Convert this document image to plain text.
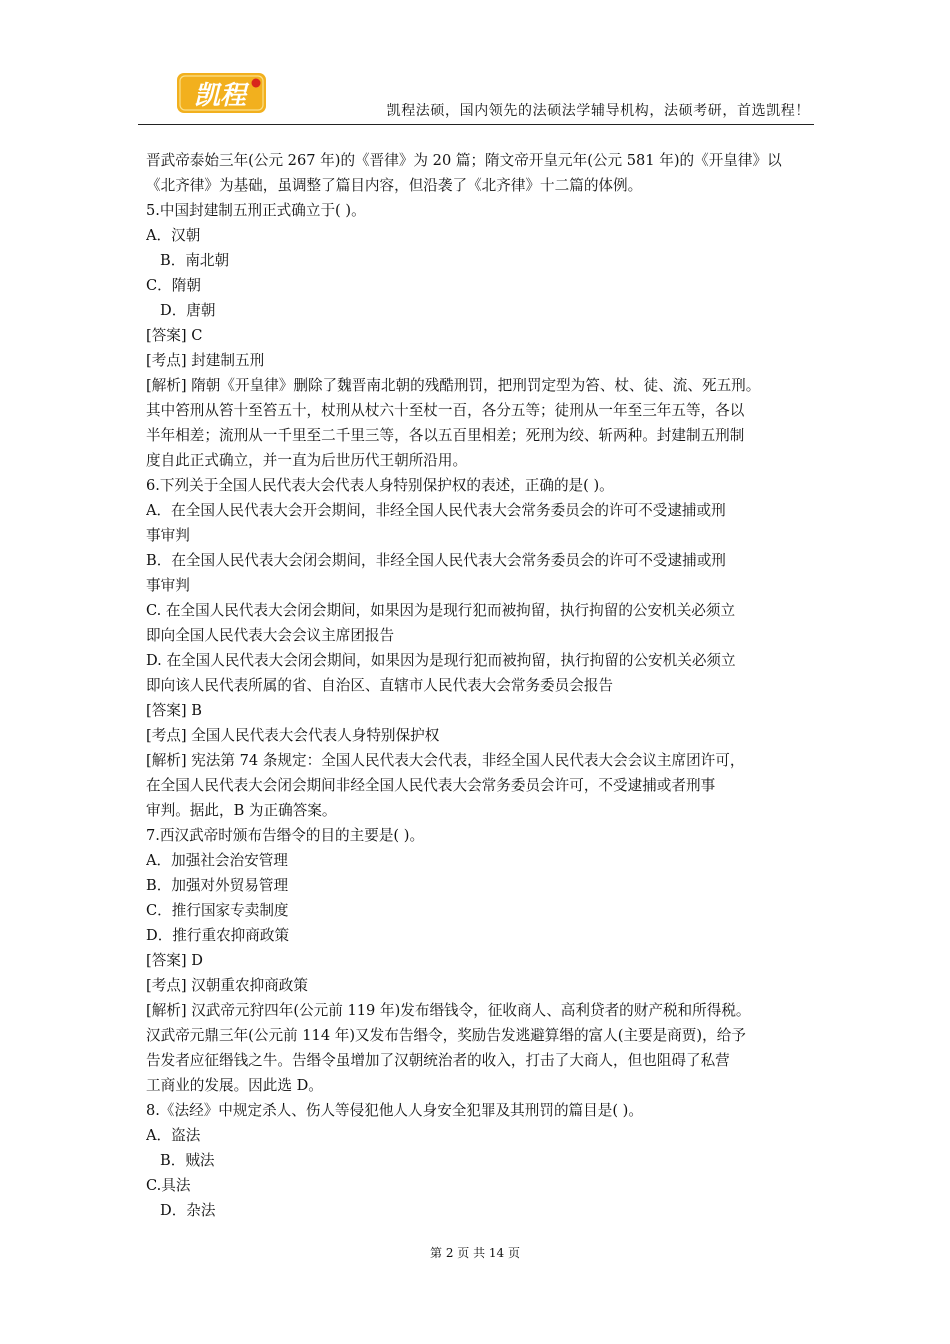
凯程	凯程法硕，国内领先的法硕法学辅导机构，法硕考研，首选凯程！
晋武帝泰始三年(公元 267 年)的《晋律》为 20 篇；隋文帝开皇元年(公元 581 年)的《开皇律》以
《北齐律》为基础，虽调整了篇目内容，但沿袭了《北齐律》十二篇的体例。
5.中国封建制五刑正式确立于( )。
A．汉朝
B．南北朝
C．隋朝
D．唐朝
[答案] C
[考点] 封建制五刑
[解析] 隋朝《开皇律》删除了魏晋南北朝的残酷刑罚，把刑罚定型为笞、杖、徒、流、死五刑。
其中笞刑从笞十至笞五十，杖刑从杖六十至杖一百，各分五等；徒刑从一年至三年五等，各以
半年相差；流刑从一千里至二千里三等，各以五百里相差；死刑为绞、斩两种。封建制五刑制
度自此正式确立，并一直为后世历代王朝所沿用。
6.下列关于全国人民代表大会代表人身特别保护权的表述，正确的是( )。
A．在全国人民代表大会开会期间，非经全国人民代表大会常务委员会的许可不受逮捕或刑
事审判
B．在全国人民代表大会闭会期间，非经全国人民代表大会常务委员会的许可不受逮捕或刑
事审判
C. 在全国人民代表大会闭会期间，如果因为是现行犯而被拘留，执行拘留的公安机关必须立
即向全国人民代表大会会议主席团报告
D. 在全国人民代表大会闭会期间，如果因为是现行犯而被拘留，执行拘留的公安机关必须立
即向该人民代表所属的省、自治区、直辖市人民代表大会常务委员会报告
[答案] B
[考点] 全国人民代表大会代表人身特别保护权
[解析] 宪法第 74 条规定：全国人民代表大会代表，非经全国人民代表大会会议主席团许可，
在全国人民代表大会闭会期间非经全国人民代表大会常务委员会许可，不受逮捕或者刑事
审判。据此，B 为正确答案。
7.西汉武帝时颁布告缗令的目的主要是( )。
A．加强社会治安管理
B．加强对外贸易管理
C．推行国家专卖制度
D．推行重农抑商政策
[答案] D
[考点] 汉朝重农抑商政策
[解析] 汉武帝元狩四年(公元前 119 年)发布缗钱令，征收商人、高利贷者的财产税和所得税。
汉武帝元鼎三年(公元前 114 年)又发布告缗令，奖励告发逃避算缗的富人(主要是商贾)，给予
告发者应征缗钱之牛。告缗令虽增加了汉朝统治者的收入，打击了大商人，但也阻碍了私营
工商业的发展。因此选 D。
8.《法经》中规定杀人、伤人等侵犯他人人身安全犯罪及其刑罚的篇目是( )。
A．盗法
B．贼法
C.具法
D．杂法
第 2 页 共 14 页
